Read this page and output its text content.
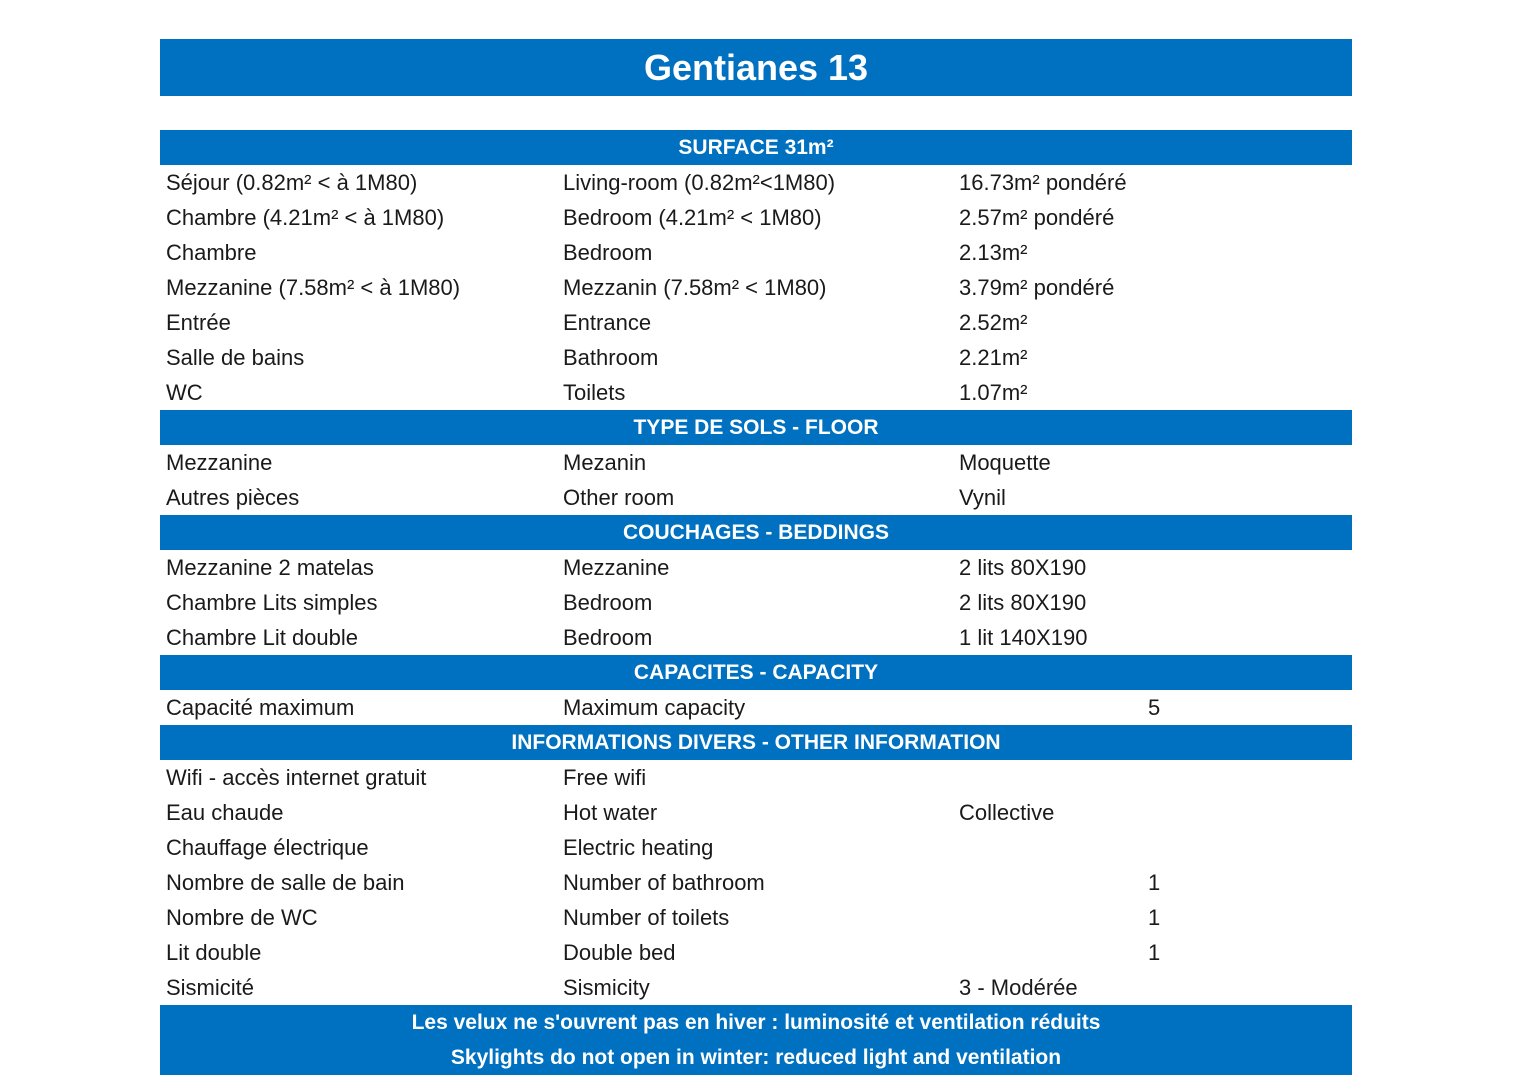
Gentianes 13
SURFACE 31m²
Séjour (0.82m² < à 1M80)	Living-room (0.82m²<1M80)	16.73m² pondéré
Chambre (4.21m² < à 1M80)	Bedroom (4.21m² < 1M80)	2.57m² pondéré
Chambre	Bedroom	2.13m²
Mezzanine (7.58m² < à 1M80)	Mezzanin (7.58m² < 1M80)	3.79m² pondéré
Entrée	Entrance	2.52m²
Salle de bains	Bathroom	2.21m²
WC	Toilets	1.07m²
TYPE DE SOLS - FLOOR
Mezzanine	Mezanin	Moquette
Autres pièces	Other room	Vynil
COUCHAGES - BEDDINGS
Mezzanine 2 matelas	Mezzanine	2 lits 80X190
Chambre Lits simples	Bedroom	2 lits 80X190
Chambre Lit double	Bedroom	1 lit 140X190
CAPACITES - CAPACITY
Capacité maximum	Maximum capacity	5
INFORMATIONS DIVERS - OTHER INFORMATION
Wifi - accès internet gratuit	Free wifi
Eau chaude	Hot water	Collective
Chauffage électrique	Electric heating
Nombre de salle de bain	Number of bathroom	1
Nombre de WC	Number of toilets	1
Lit double	Double bed	1
Sismicité	Sismicity	3 - Modérée
Les velux ne s'ouvrent pas en hiver : luminosité et ventilation réduits
Skylights do not open in winter: reduced light and ventilation
